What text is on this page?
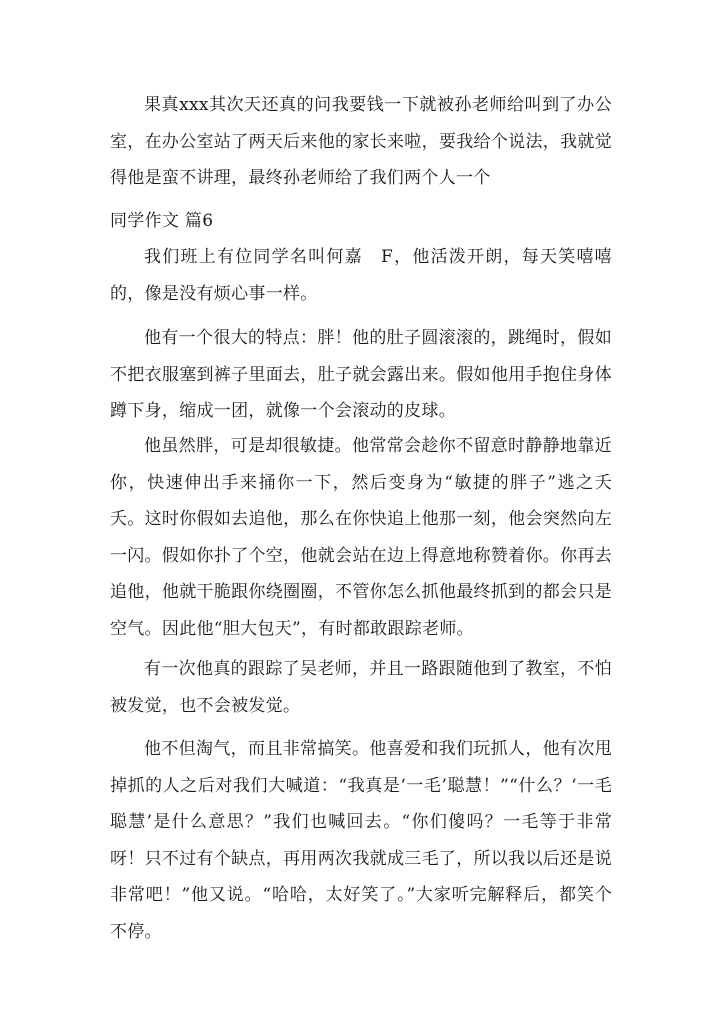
果真xxx其次天还真的问我要钱一下就被孙老师给叫到了办公室，在办公室站了两天后来他的家长来啦，要我给个说法，我就觉得他是蛮不讲理，最终孙老师给了我们两个人一个

同学作文 篇6

我们班上有位同学名叫何嘉　F，他活泼开朗，每天笑嘻嘻的，像是没有烦心事一样。

他有一个很大的特点：胖！他的肚子圆滚滚的，跳绳时，假如不把衣服塞到裤子里面去，肚子就会露出来。假如他用手抱住身体蹲下身，缩成一团，就像一个会滚动的皮球。

他虽然胖，可是却很敏捷。他常常会趁你不留意时静静地靠近你，快速伸出手来捅你一下，然后变身为“敏捷的胖子”逃之夭夭。这时你假如去追他，那么在你快追上他那一刻，他会突然向左一闪。假如你扑了个空，他就会站在边上得意地称赞着你。你再去追他，他就干脆跟你绕圈圈，不管你怎么抓他最终抓到的都会只是空气。因此他“胆大包天”，有时都敢跟踪老师。

有一次他真的跟踪了吴老师，并且一路跟随他到了教室，不怕被发觉，也不会被发觉。

他不但淘气，而且非常搞笑。他喜爱和我们玩抓人，他有次甩掉抓的人之后对我们大喊道：“我真是‘一毛’聪慧！”“什么？‘一毛聪慧’是什么意思？”我们也喊回去。“你们傻吗？一毛等于非常呀！只不过有个缺点，再用两次我就成三毛了，所以我以后还是说非常吧！”他又说。“哈哈，太好笑了。”大家听完解释后，都笑个不停。
